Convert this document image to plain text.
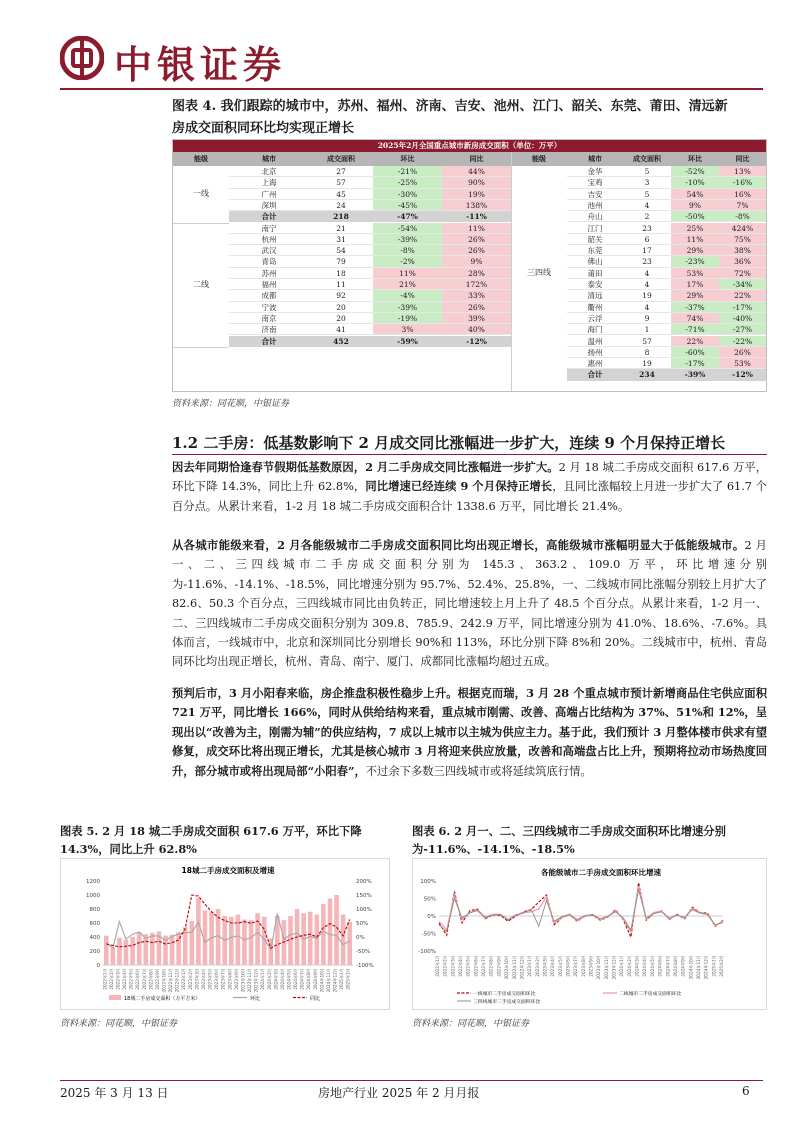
中银证券
图表 4. 我们跟踪的城市中，苏州、福州、济南、吉安、池州、江门、韶关、东莞、莆田、清远新
房成交面积同环比均实现正增长
2025年2月全国重点城市新房成交面积（单位：万平）
能级	城市	成交面积	环比	同比	能级	城市	成交面积	环比	同比
北京	27	-21%	44%
上海	57	-25%	90%
广州	45	-30%	19%
深圳	24	-45%	138%
合计	218	-47%	-11%
一线
南宁	21	-54%	11%
杭州	31	-39%	26%
武汉	54	-8%	26%
青岛	79	-2%	9%
苏州	18	11%	28%
福州	11	21%	172%
成都	92	-4%	33%
宁波	20	-39%	26%
南京	20	-19%	39%
济南	41	3%	40%
合计	452	-59%	-12%
二线
金华	5	-52%	13%
宝鸡	3	-10%	-16%
吉安	5	54%	16%
池州	4	9%	7%
舟山	2	-50%	-8%
江门	23	25%	424%
韶关	6	11%	75%
东莞	17	29%	38%
佛山	23	-23%	36%
莆田	4	53%	72%
泰安	4	17%	-34%
清远	19	29%	22%
衢州	4	-37%	-17%
云浮	9	74%	-40%
海门	1	-71%	-27%
温州	57	22%	-22%
扬州	8	-60%	26%
惠州	19	-17%	53%
合计	234	-39%	-12%
三四线
资料来源：同花顺，中银证券
1.2 二手房：低基数影响下 2 月成交同比涨幅进一步扩大，连续 9 个月保持正增长
因去年同期恰逢春节假期低基数原因，2 月二手房成交同比涨幅进一步扩大。2 月 18 城二手房成交面积 617.6 万平，环比下降 14.3%，同比上升 62.8%，同比增速已经连续 9 个月保持正增长，且同比涨幅较上月进一步扩大了 61.7 个百分点。从累计来看，1-2 月 18 城二手房成交面积合计 1338.6 万平，同比增长 21.4%。
从各城市能级来看，2 月各能级城市二手房成交面积同比均出现正增长，高能级城市涨幅明显大于低能级城市。2 月一、二、三四线城市二手房成交面积分别为 145.3、363.2、109.0 万平，环比增速分别为-11.6%、-14.1%、-18.5%，同比增速分别为 95.7%、52.4%、25.8%，一、二线城市同比涨幅分别较上月扩大了 82.6、50.3 个百分点，三四线城市同比由负转正，同比增速较上月上升了 48.5 个百分点。从累计来看，1-2 月一、二、三四线城市二手房成交面积分别为 309.8、785.9、242.9 万平，同比增速分别为 41.0%、18.6%、-7.6%。具体而言，一线城市中，北京和深圳同比分别增长 90%和 113%，环比分别下降 8%和 20%。二线城市中，杭州、青岛同环比均出现正增长，杭州、青岛、南宁、厦门、成都同比涨幅均超过五成。
预判后市，3 月小阳春来临，房企推盘积极性稳步上升。根据克而瑞，3 月 28 个重点城市预计新增商品住宅供应面积 721 万平，同比增长 166%，同时从供给结构来看，重点城市刚需、改善、高端占比结构为 37%、51%和 12%，呈现出以“改善为主，刚需为辅”的供应结构，7 成以上城市以主城为供应主力。基于此，我们预计 3 月整体楼市供求有望修复，成交环比将出现正增长，尤其是核心城市 3 月将迎来供应放量，改善和高端盘占比上升，预期将拉动市场热度回升，部分城市或将出现局部“小阳春”，不过余下多数三四线城市或将延续筑底行情。
图表 5. 2 月 18 城二手房成交面积 617.6 万平，环比下降 14.3%，同比上升 62.8%
18城二手房成交面积及增速
1200
1000
800
600
400
200
0
200%
150%
100%
50%
0%
-50%
-100%
2022年1月 2022年2月 2022年3月 2022年4月 2022年5月 2022年6月 2022年7月 2022年8月 2022年9月 2022年10月 2022年11月 2022年12月 2023年1月 2023年2月 2023年3月 2023年4月 2023年5月 2023年6月 2023年7月 2023年8月 2023年9月 2023年10月 2023年11月 2023年12月 2024年1月 2024年2月 2024年3月 2024年4月 2024年5月 2024年6月 2024年7月 2024年8月 2024年9月 2024年10月 2024年11月 2024年12月 2025年1月 2025年2月
18城二手房成交面积（万平方米）	环比	同比
资料来源：同花顺，中银证券
图表 6. 2 月一、二、三四线城市二手房成交面积环比增速分别为-11.6%、-14.1%、-18.5%
各能级城市二手房成交面积环比增速
100%
50%
0%
-50%
-100%
2022年1月 2022年2月 2022年3月 2022年4月 2022年5月 2022年6月 2022年7月 2022年8月 2022年9月 2022年10月 2022年11月 2022年12月 2023年1月 2023年2月 2023年3月 2023年4月 2023年5月 2023年6月 2023年7月 2023年8月 2023年9月 2023年10月 2023年11月 2023年12月 2024年1月 2024年2月 2024年3月 2024年4月 2024年5月 2024年6月 2024年7月 2024年8月 2024年9月 2024年10月 2024年11月 2024年12月 2025年1月 2025年2月
一线城市二手房成交面积环比	二线城市二手房成交面积环比
三四线城市二手房成交面积环比
资料来源：同花顺，中银证券
2025 年 3 月 13 日	房地产行业 2025 年 2 月月报	6
